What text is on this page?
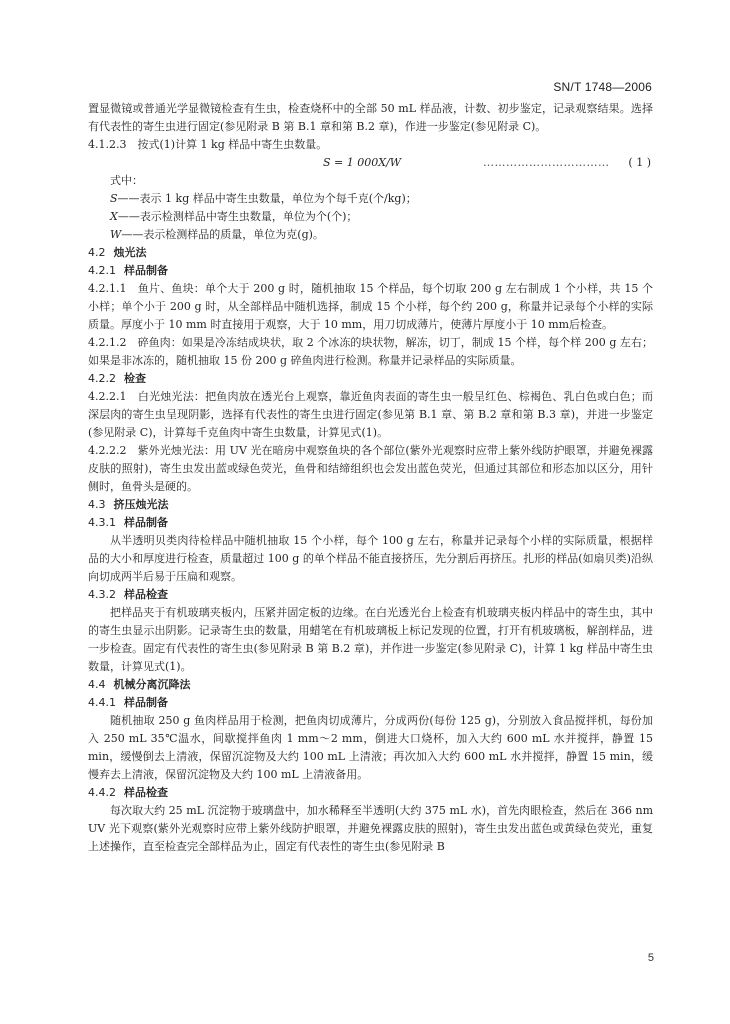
SN/T 1748—2006

置显微镜或普通光学显微镜检查有生虫，检查烧杯中的全部 50 mL 样品液，计数、初步鉴定，记录观察结果。选择有代表性的寄生虫进行固定(参见附录 B 第 B.1 章和第 B.2 章)，作进一步鉴定(参见附录 C)。

4.1.2.3　按式(1)计算 1 kg 样品中寄生虫数量。

S = 1 000X/W	…………………………… ( 1 )

式中：

S——表示 1 kg 样品中寄生虫数量，单位为个每千克(个/kg)；

X——表示检测样品中寄生虫数量，单位为个(个)；

W——表示检测样品的质量，单位为克(g)。

4.2 烛光法

4.2.1 样品制备

4.2.1.1　鱼片、鱼块：单个大于 200 g 时，随机抽取 15 个样品，每个切取 200 g 左右制成 1 个小样，共 15 个小样；单个小于 200 g 时，从全部样品中随机选择，制成 15 个小样，每个约 200 g，称量并记录每个小样的实际质量。厚度小于 10 mm 时直接用于观察，大于 10 mm，用刀切成薄片，使薄片厚度小于 10 mm后检查。

4.2.1.2　碎鱼肉：如果是冷冻结成块状，取 2 个冰冻的块状物，解冻，切丁，制成 15 个样，每个样 200 g 左右；如果是非冰冻的，随机抽取 15 份 200 g 碎鱼肉进行检测。称量并记录样品的实际质量。

4.2.2 检查

4.2.2.1　白光烛光法：把鱼肉放在透光台上观察，靠近鱼肉表面的寄生虫一般呈红色、棕褐色、乳白色或白色；而深层肉的寄生虫呈现阴影，选择有代表性的寄生虫进行固定(参见第 B.1 章、第 B.2 章和第 B.3 章)，并进一步鉴定(参见附录 C)，计算每千克鱼肉中寄生虫数量，计算见式(1)。

4.2.2.2　紫外光烛光法：用 UV 光在暗房中观察鱼块的各个部位(紫外光观察时应带上紫外线防护眼罩，并避免裸露皮肤的照射)，寄生虫发出蓝或绿色荧光，鱼骨和结缔组织也会发出蓝色荧光，但通过其部位和形态加以区分，用针侧时，鱼骨头是硬的。

4.3 挤压烛光法

4.3.1 样品制备

从半透明贝类肉待检样品中随机抽取 15 个小样，每个 100 g 左右，称量并记录每个小样的实际质量，根据样品的大小和厚度进行检查，质量超过 100 g 的单个样品不能直接挤压，先分割后再挤压。扎形的样品(如扇贝类)沿纵向切成两半后易于压扁和观察。

4.3.2 样品检查

把样品夹于有机玻璃夹板内，压紧并固定板的边缘。在白光透光台上检查有机玻璃夹板内样品中的寄生虫，其中的寄生虫显示出阴影。记录寄生虫的数量，用蜡笔在有机玻璃板上标记发现的位置，打开有机玻璃板，解剖样品，进一步检查。固定有代表性的寄生虫(参见附录 B 第 B.2 章)，并作进一步鉴定(参见附录 C)，计算 1 kg 样品中寄生虫数量，计算见式(1)。

4.4 机械分离沉降法

4.4.1 样品制备

随机抽取 250 g 鱼肉样品用于检测，把鱼肉切成薄片，分成两份(每份 125 g)，分别放入食品搅拌机，每份加入 250 mL 35℃温水，间歇搅拌鱼肉 1 mm～2 mm，倒进大口烧杯，加入大约 600 mL 水并搅拌，静置 15 min，缓慢倒去上清液，保留沉淀物及大约 100 mL 上清液；再次加入大约 600 mL 水并搅拌，静置 15 min，缓慢弃去上清液，保留沉淀物及大约 100 mL 上清液备用。

4.4.2 样品检查

每次取大约 25 mL 沉淀物于玻璃盘中，加水稀释至半透明(大约 375 mL 水)，首先肉眼检查，然后在 366 nm UV 光下观察(紫外光观察时应带上紫外线防护眼罩，并避免裸露皮肤的照射)，寄生虫发出蓝色或黄绿色荧光，重复上述操作，直至检查完全部样品为止，固定有代表性的寄生虫(参见附录 B

5
